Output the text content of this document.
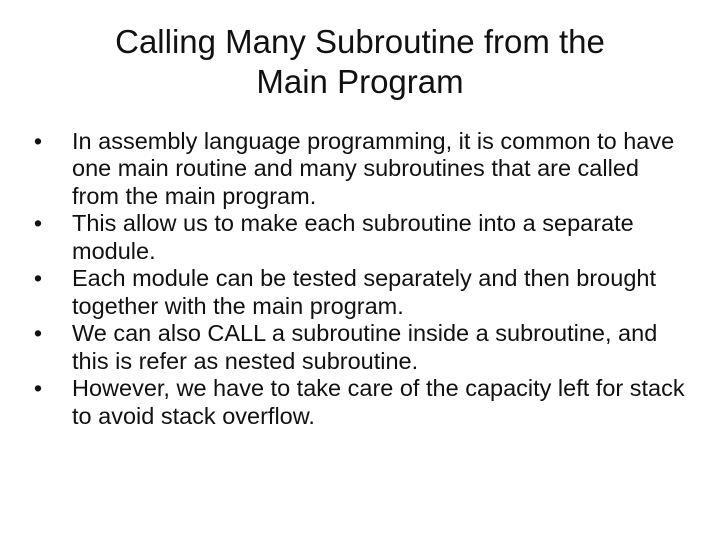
Calling Many Subroutine from the
Main Program
• In assembly language programming, it is common to have one main routine and many subroutines that are called from the main program.
• This allow us to make each subroutine into a separate module.
• Each module can be tested separately and then brought together with the main program.
• We can also CALL a subroutine inside a subroutine, and this is refer as nested subroutine.
• However, we have to take care of the capacity left for stack to avoid stack overflow.
